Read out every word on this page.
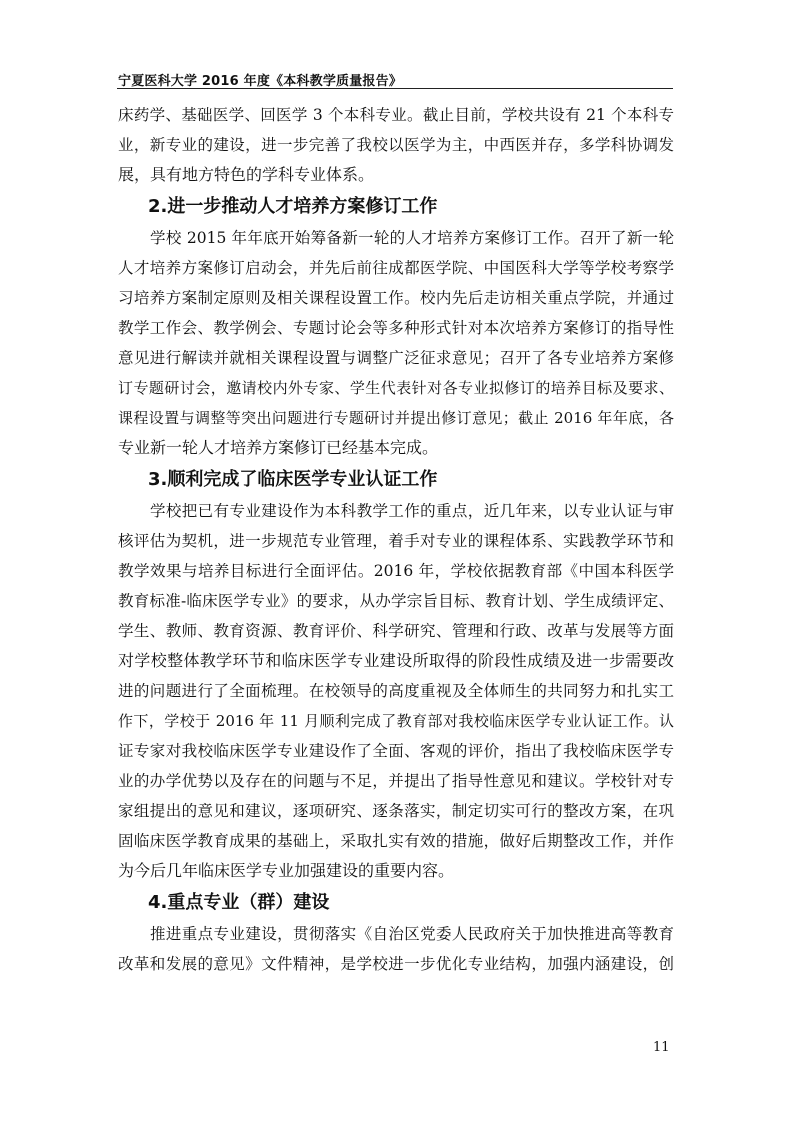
宁夏医科大学 2016 年度《本科教学质量报告》
床药学、基础医学、回医学 3 个本科专业。截止目前，学校共设有 21 个本科专
业，新专业的建设，进一步完善了我校以医学为主，中西医并存，多学科协调发
展，具有地方特色的学科专业体系。
2.进一步推动人才培养方案修订工作
学校 2015 年年底开始筹备新一轮的人才培养方案修订工作。召开了新一轮
人才培养方案修订启动会，并先后前往成都医学院、中国医科大学等学校考察学
习培养方案制定原则及相关课程设置工作。校内先后走访相关重点学院，并通过
教学工作会、教学例会、专题讨论会等多种形式针对本次培养方案修订的指导性
意见进行解读并就相关课程设置与调整广泛征求意见；召开了各专业培养方案修
订专题研讨会，邀请校内外专家、学生代表针对各专业拟修订的培养目标及要求、
课程设置与调整等突出问题进行专题研讨并提出修订意见；截止 2016 年年底，各
专业新一轮人才培养方案修订已经基本完成。
3.顺利完成了临床医学专业认证工作
学校把已有专业建设作为本科教学工作的重点，近几年来，以专业认证与审
核评估为契机，进一步规范专业管理，着手对专业的课程体系、实践教学环节和
教学效果与培养目标进行全面评估。2016 年，学校依据教育部《中国本科医学
教育标准-临床医学专业》的要求，从办学宗旨目标、教育计划、学生成绩评定、
学生、教师、教育资源、教育评价、科学研究、管理和行政、改革与发展等方面
对学校整体教学环节和临床医学专业建设所取得的阶段性成绩及进一步需要改
进的问题进行了全面梳理。在校领导的高度重视及全体师生的共同努力和扎实工
作下，学校于 2016 年 11 月顺利完成了教育部对我校临床医学专业认证工作。认
证专家对我校临床医学专业建设作了全面、客观的评价，指出了我校临床医学专
业的办学优势以及存在的问题与不足，并提出了指导性意见和建议。学校针对专
家组提出的意见和建议，逐项研究、逐条落实，制定切实可行的整改方案，在巩
固临床医学教育成果的基础上，采取扎实有效的措施，做好后期整改工作，并作
为今后几年临床医学专业加强建设的重要内容。
4.重点专业（群）建设
推进重点专业建设，贯彻落实《自治区党委人民政府关于加快推进高等教育
改革和发展的意见》文件精神，是学校进一步优化专业结构，加强内涵建设，创
11
